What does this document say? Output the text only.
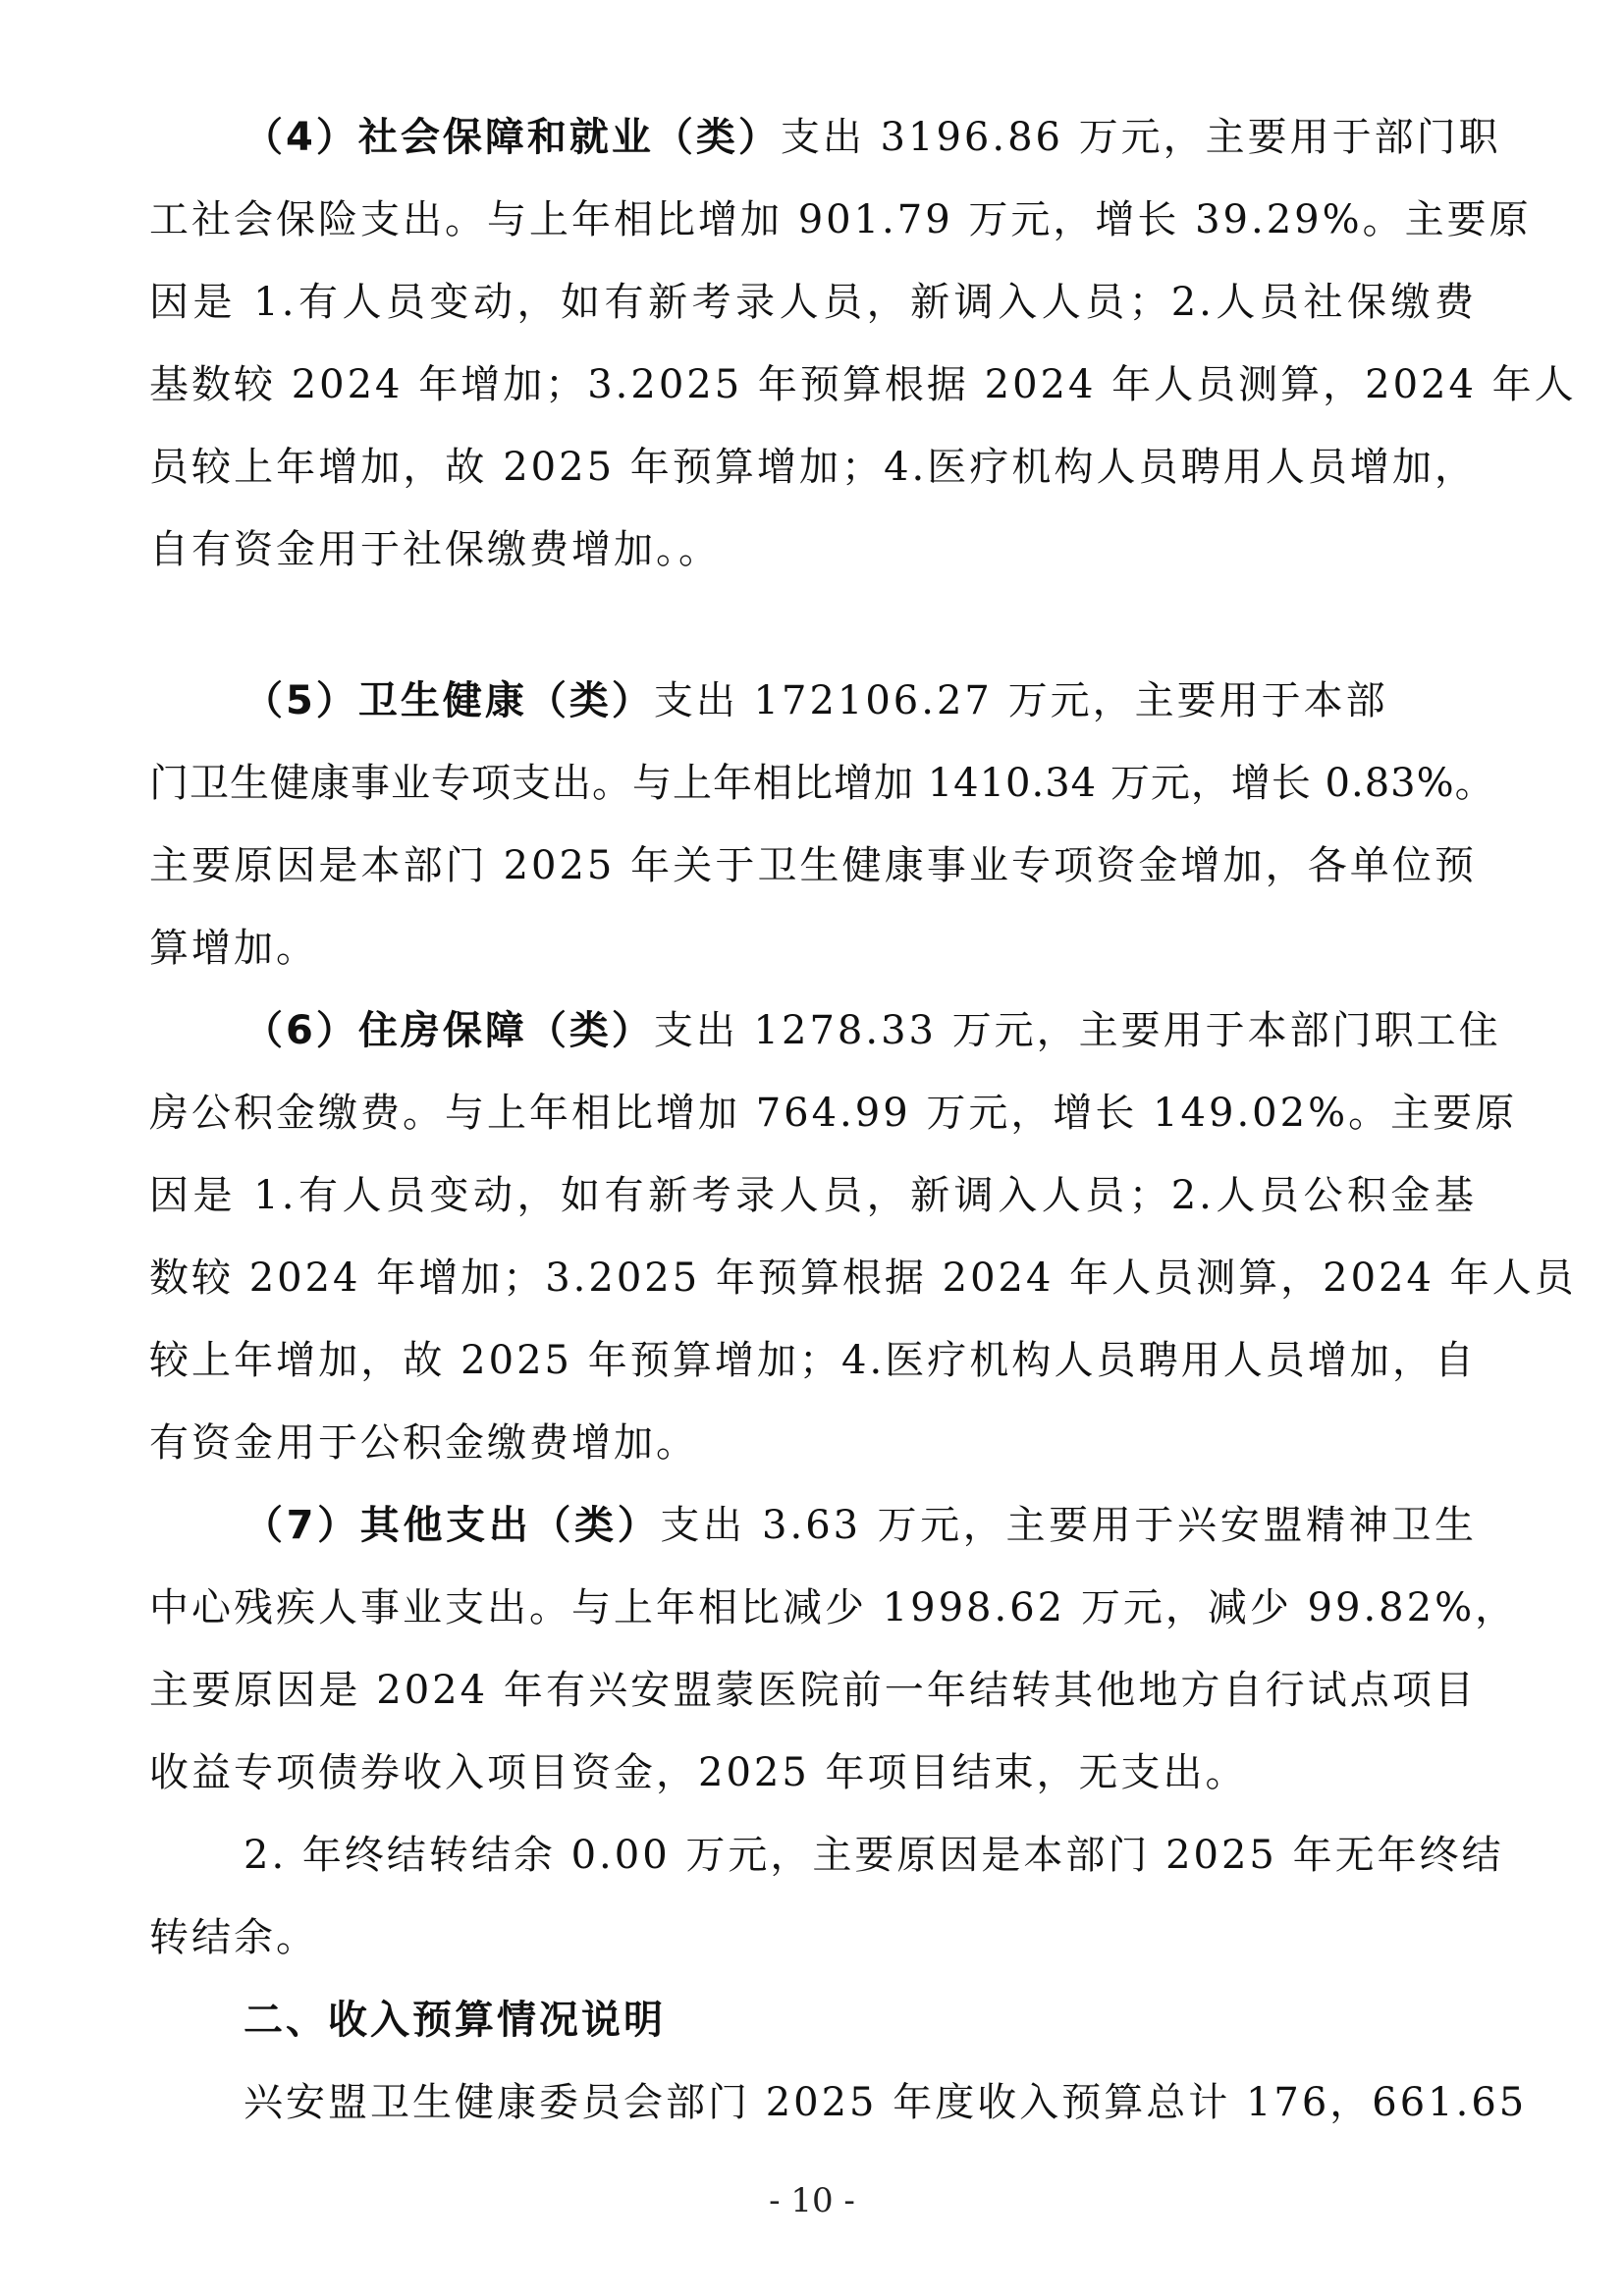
（4）社会保障和就业（类）支出 3196.86 万元，主要用于部门职
工社会保险支出。与上年相比增加 901.79 万元，增长 39.29%。主要原
因是 1.有人员变动，如有新考录人员，新调入人员；2.人员社保缴费
基数较 2024 年增加；3.2025 年预算根据 2024 年人员测算，2024 年人
员较上年增加，故 2025 年预算增加；4.医疗机构人员聘用人员增加，
自有资金用于社保缴费增加。。
（5）卫生健康（类）支出 172106.27 万元，主要用于本部
门卫生健康事业专项支出。与上年相比增加 1410.34 万元，增长 0.83%。
主要原因是本部门 2025 年关于卫生健康事业专项资金增加，各单位预
算增加。
（6）住房保障（类）支出 1278.33 万元，主要用于本部门职工住
房公积金缴费。与上年相比增加 764.99 万元，增长 149.02%。主要原
因是 1.有人员变动，如有新考录人员，新调入人员；2.人员公积金基
数较 2024 年增加；3.2025 年预算根据 2024 年人员测算，2024 年人员
较上年增加，故 2025 年预算增加；4.医疗机构人员聘用人员增加，自
有资金用于公积金缴费增加。
（7）其他支出（类）支出 3.63 万元，主要用于兴安盟精神卫生
中心残疾人事业支出。与上年相比减少 1998.62 万元，减少 99.82%，
主要原因是 2024 年有兴安盟蒙医院前一年结转其他地方自行试点项目
收益专项债券收入项目资金，2025 年项目结束，无支出。
2. 年终结转结余 0.00 万元，主要原因是本部门 2025 年无年终结
转结余。
二、收入预算情况说明
兴安盟卫生健康委员会部门 2025 年度收入预算总计 176，661.65
- 10 -
